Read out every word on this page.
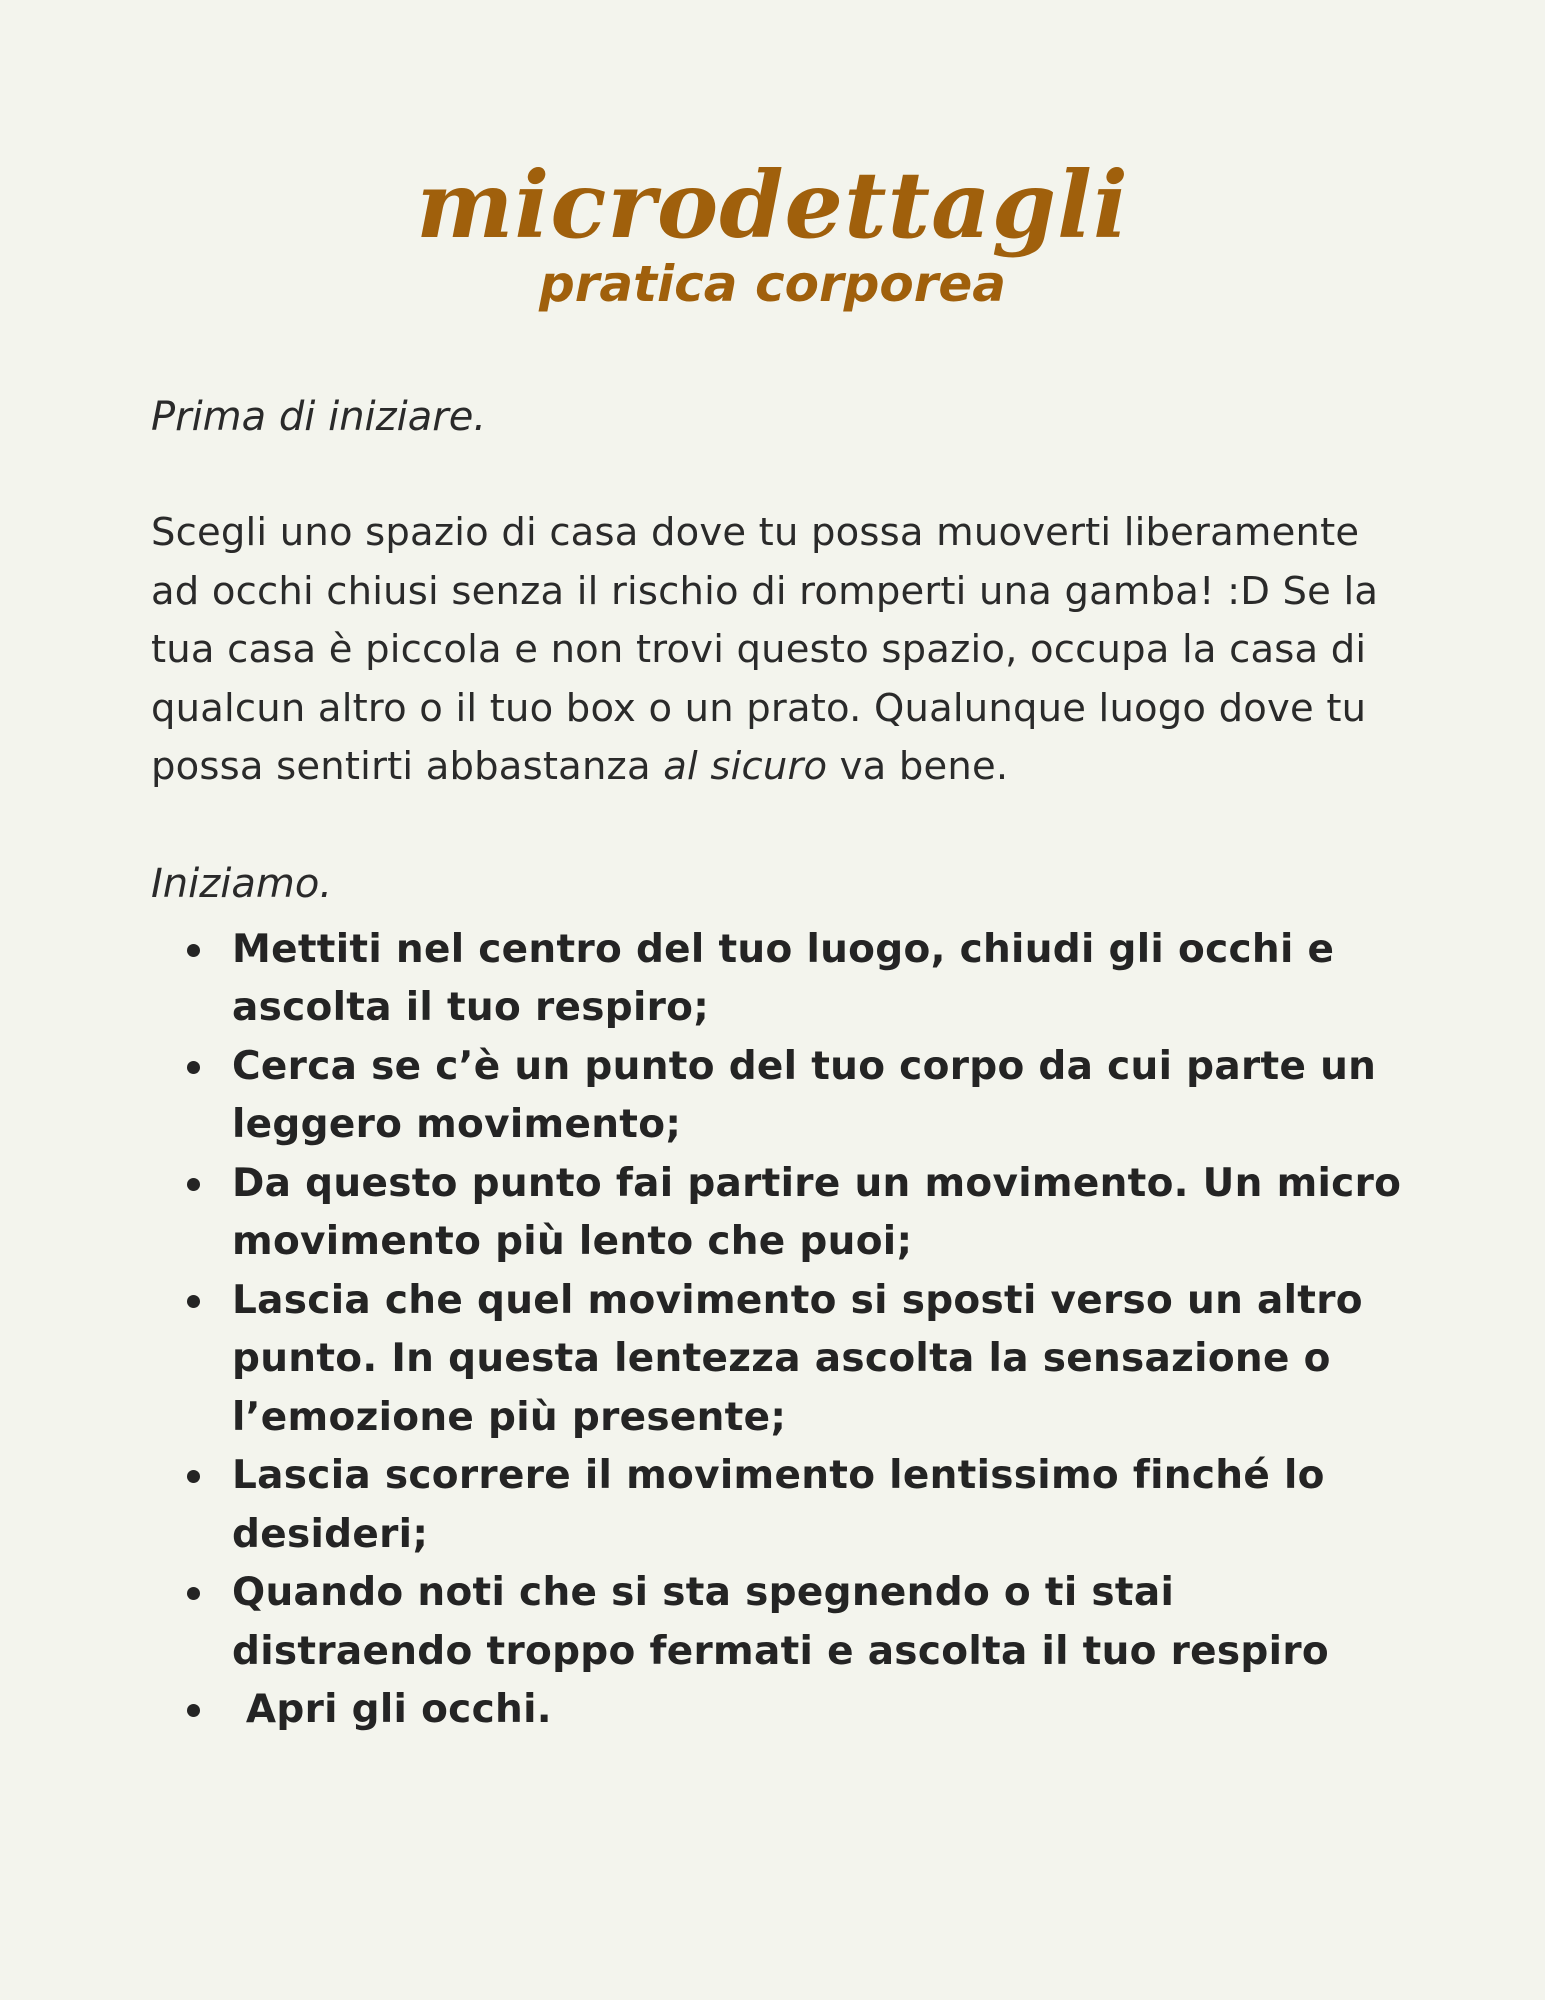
microdettagli
pratica corporea

Prima di iniziare.

Scegli uno spazio di casa dove tu possa muoverti liberamente ad occhi chiusi senza il rischio di romperti una gamba! :D Se la tua casa è piccola e non trovi questo spazio, occupa la casa di qualcun altro o il tuo box o un prato. Qualunque luogo dove tu possa sentirti abbastanza al sicuro va bene.

Iniziamo.

Mettiti nel centro del tuo luogo, chiudi gli occhi e ascolta il tuo respiro;
Cerca se c’è un punto del tuo corpo da cui parte un leggero movimento;
Da questo punto fai partire un movimento. Un micro movimento più lento che puoi;
Lascia che quel movimento si sposti verso un altro punto. In questa lentezza ascolta la sensazione o l’emozione più presente;
Lascia scorrere il movimento lentissimo finché lo desideri;
Quando noti che si sta spegnendo o ti stai distraendo troppo fermati e ascolta il tuo respiro
Apri gli occhi.
